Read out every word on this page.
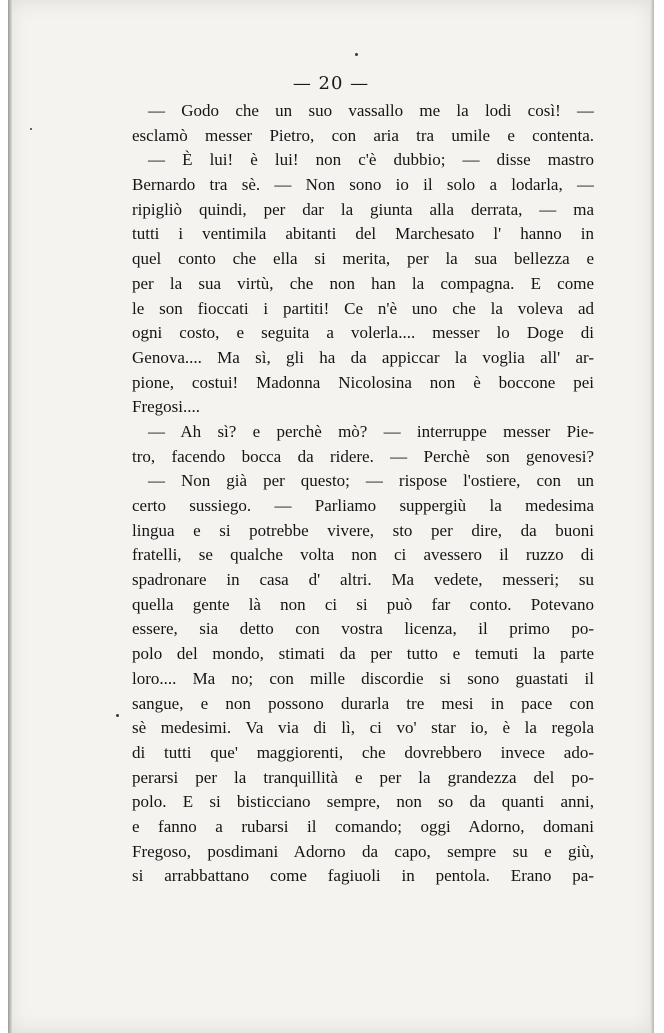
— 20 —
— Godo che un suo vassallo me la lodi così! —
esclamò messer Pietro, con aria tra umile e contenta.
— È lui! è lui! non c'è dubbio; — disse mastro
Bernardo tra sè. — Non sono io il solo a lodarla, —
ripigliò quindi, per dar la giunta alla derrata, — ma
tutti i ventimila abitanti del Marchesato l' hanno in
quel conto che ella si merita, per la sua bellezza e
per la sua virtù, che non han la compagna. E come
le son fioccati i partiti! Ce n'è uno che la voleva ad
ogni costo, e seguita a volerla.... messer lo Doge di
Genova.... Ma sì, gli ha da appiccar la voglia all' ar-
pione, costui! Madonna Nicolosina non è boccone pei
Fregosi....
— Ah sì? e perchè mò? — interruppe messer Pie-
tro, facendo bocca da ridere. — Perchè son genovesi?
— Non già per questo; — rispose l'ostiere, con un
certo sussiego. — Parliamo suppergiù la medesima
lingua e si potrebbe vivere, sto per dire, da buoni
fratelli, se qualche volta non ci avessero il ruzzo di
spadronare in casa d' altri. Ma vedete, messeri; su
quella gente là non ci si può far conto. Potevano
essere, sia detto con vostra licenza, il primo po-
polo del mondo, stimati da per tutto e temuti la parte
loro.... Ma no; con mille discordie si sono guastati il
sangue, e non possono durarla tre mesi in pace con
sè medesimi. Va via di lì, ci vo' star io, è la regola
di tutti que' maggiorenti, che dovrebbero invece ado-
perarsi per la tranquillità e per la grandezza del po-
polo. E si bisticciano sempre, non so da quanti anni,
e fanno a rubarsi il comando; oggi Adorno, domani
Fregoso, posdimani Adorno da capo, sempre su e giù,
si arrabbattano come fagiuoli in pentola. Erano pa-
